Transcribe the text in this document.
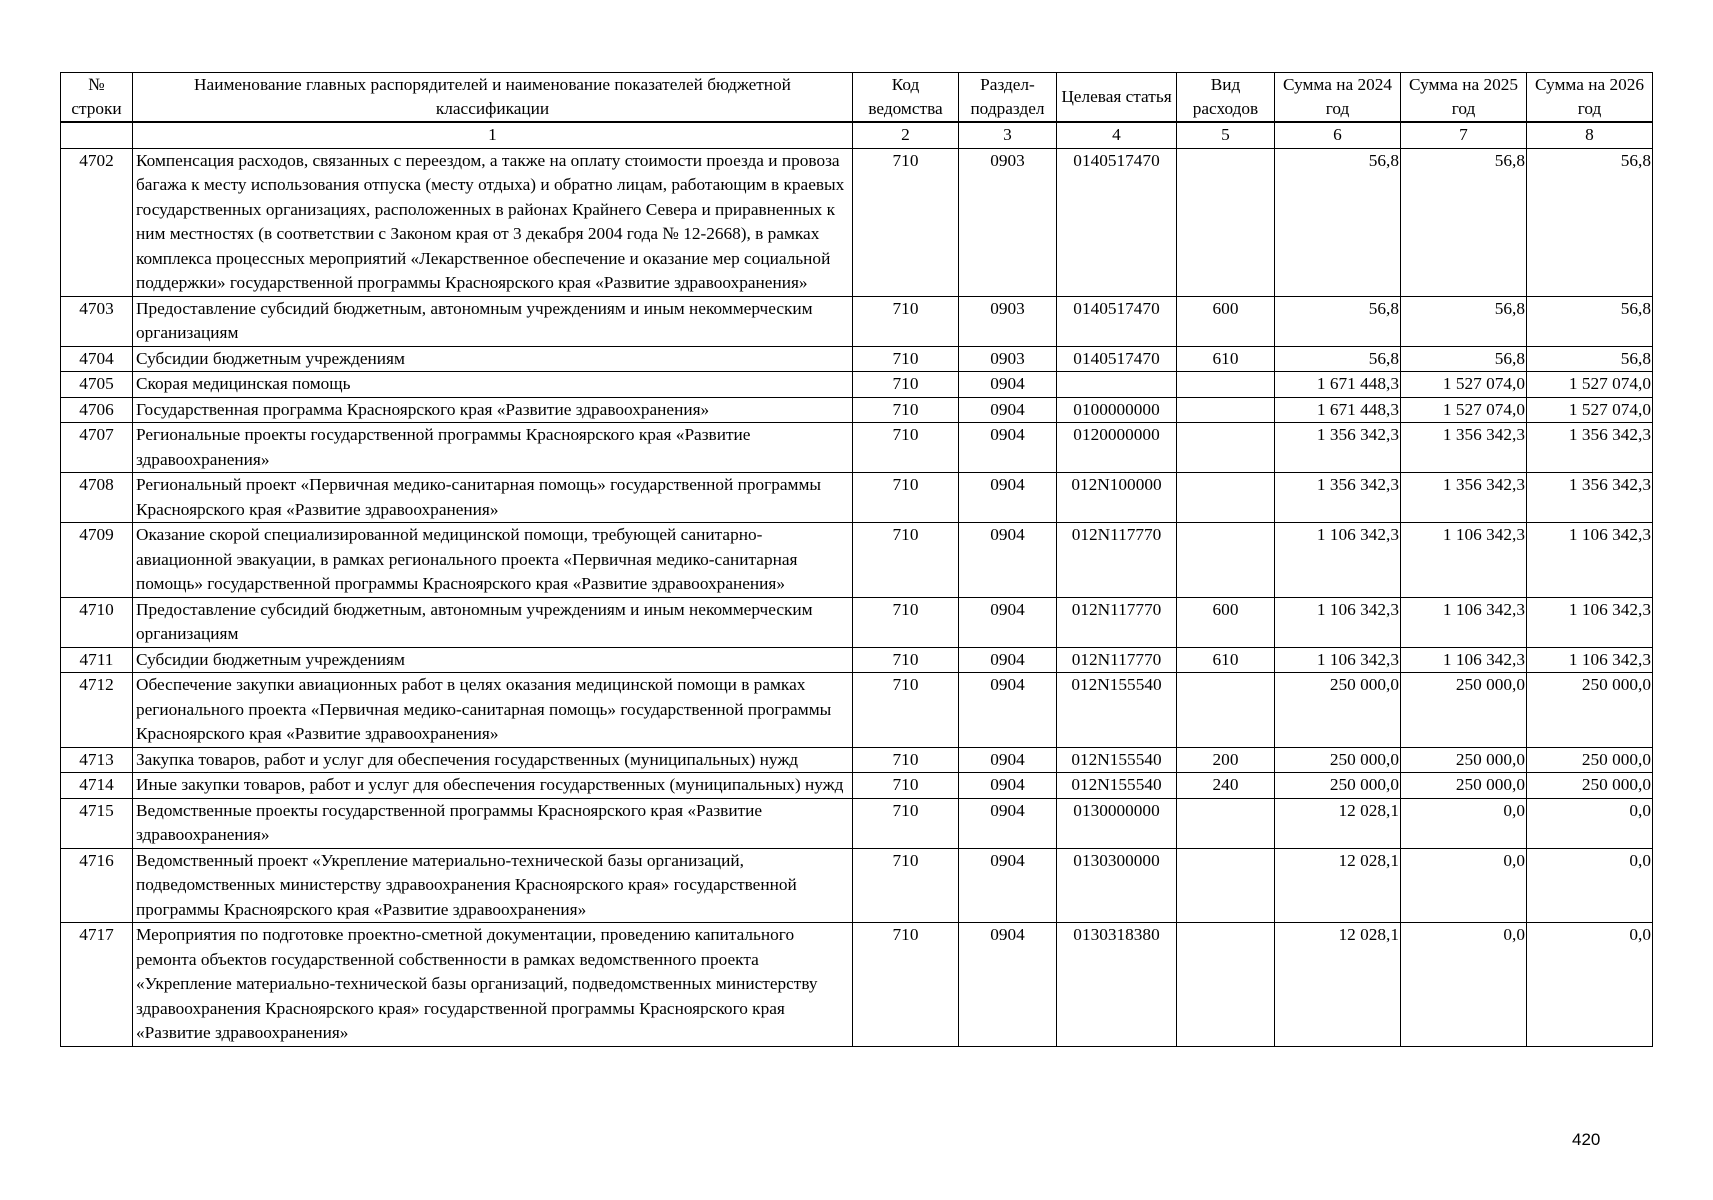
№ строки	Наименование главных распорядителей и наименование показателей бюджетной классификации	Код ведомства	Раздел-подраздел	Целевая статья	Вид расходов	Сумма на 2024 год	Сумма на 2025 год	Сумма на 2026 год
	1	2	3	4	5	6	7	8
4702	Компенсация расходов, связанных с переездом, а также на оплату стоимости проезда и провоза багажа к месту использования отпуска (месту отдыха) и обратно лицам, работающим в краевых государственных организациях, расположенных в районах Крайнего Севера и приравненных к ним местностях (в соответствии с Законом края от 3 декабря 2004 года № 12-2668), в рамках комплекса процессных мероприятий «Лекарственное обеспечение и оказание мер социальной поддержки» государственной программы Красноярского края «Развитие здравоохранения»	710	0903	0140517470		56,8	56,8	56,8
4703	Предоставление субсидий бюджетным, автономным учреждениям и иным некоммерческим организациям	710	0903	0140517470	600	56,8	56,8	56,8
4704	Субсидии бюджетным учреждениям	710	0903	0140517470	610	56,8	56,8	56,8
4705	Скорая медицинская помощь	710	0904			1 671 448,3	1 527 074,0	1 527 074,0
4706	Государственная программа Красноярского края «Развитие здравоохранения»	710	0904	0100000000		1 671 448,3	1 527 074,0	1 527 074,0
4707	Региональные проекты государственной программы Красноярского края «Развитие здравоохранения»	710	0904	0120000000		1 356 342,3	1 356 342,3	1 356 342,3
4708	Региональный проект «Первичная медико-санитарная помощь» государственной программы Красноярского края «Развитие здравоохранения»	710	0904	012N100000		1 356 342,3	1 356 342,3	1 356 342,3
4709	Оказание скорой специализированной медицинской помощи, требующей санитарно-авиационной эвакуации, в рамках регионального проекта «Первичная медико-санитарная помощь» государственной программы Красноярского края «Развитие здравоохранения»	710	0904	012N117770		1 106 342,3	1 106 342,3	1 106 342,3
4710	Предоставление субсидий бюджетным, автономным учреждениям и иным некоммерческим организациям	710	0904	012N117770	600	1 106 342,3	1 106 342,3	1 106 342,3
4711	Субсидии бюджетным учреждениям	710	0904	012N117770	610	1 106 342,3	1 106 342,3	1 106 342,3
4712	Обеспечение закупки авиационных работ в целях оказания медицинской помощи в рамках регионального проекта «Первичная медико-санитарная помощь» государственной программы Красноярского края «Развитие здравоохранения»	710	0904	012N155540		250 000,0	250 000,0	250 000,0
4713	Закупка товаров, работ и услуг для обеспечения государственных (муниципальных) нужд	710	0904	012N155540	200	250 000,0	250 000,0	250 000,0
4714	Иные закупки товаров, работ и услуг для обеспечения государственных (муниципальных) нужд	710	0904	012N155540	240	250 000,0	250 000,0	250 000,0
4715	Ведомственные проекты государственной программы Красноярского края «Развитие здравоохранения»	710	0904	0130000000		12 028,1	0,0	0,0
4716	Ведомственный проект «Укрепление материально-технической базы организаций, подведомственных министерству здравоохранения Красноярского края» государственной программы Красноярского края «Развитие здравоохранения»	710	0904	0130300000		12 028,1	0,0	0,0
4717	Мероприятия по подготовке проектно-сметной документации, проведению капитального ремонта объектов государственной собственности в рамках ведомственного проекта «Укрепление материально-технической базы организаций, подведомственных министерству здравоохранения Красноярского края» государственной программы Красноярского края «Развитие здравоохранения»	710	0904	0130318380		12 028,1	0,0	0,0
420
